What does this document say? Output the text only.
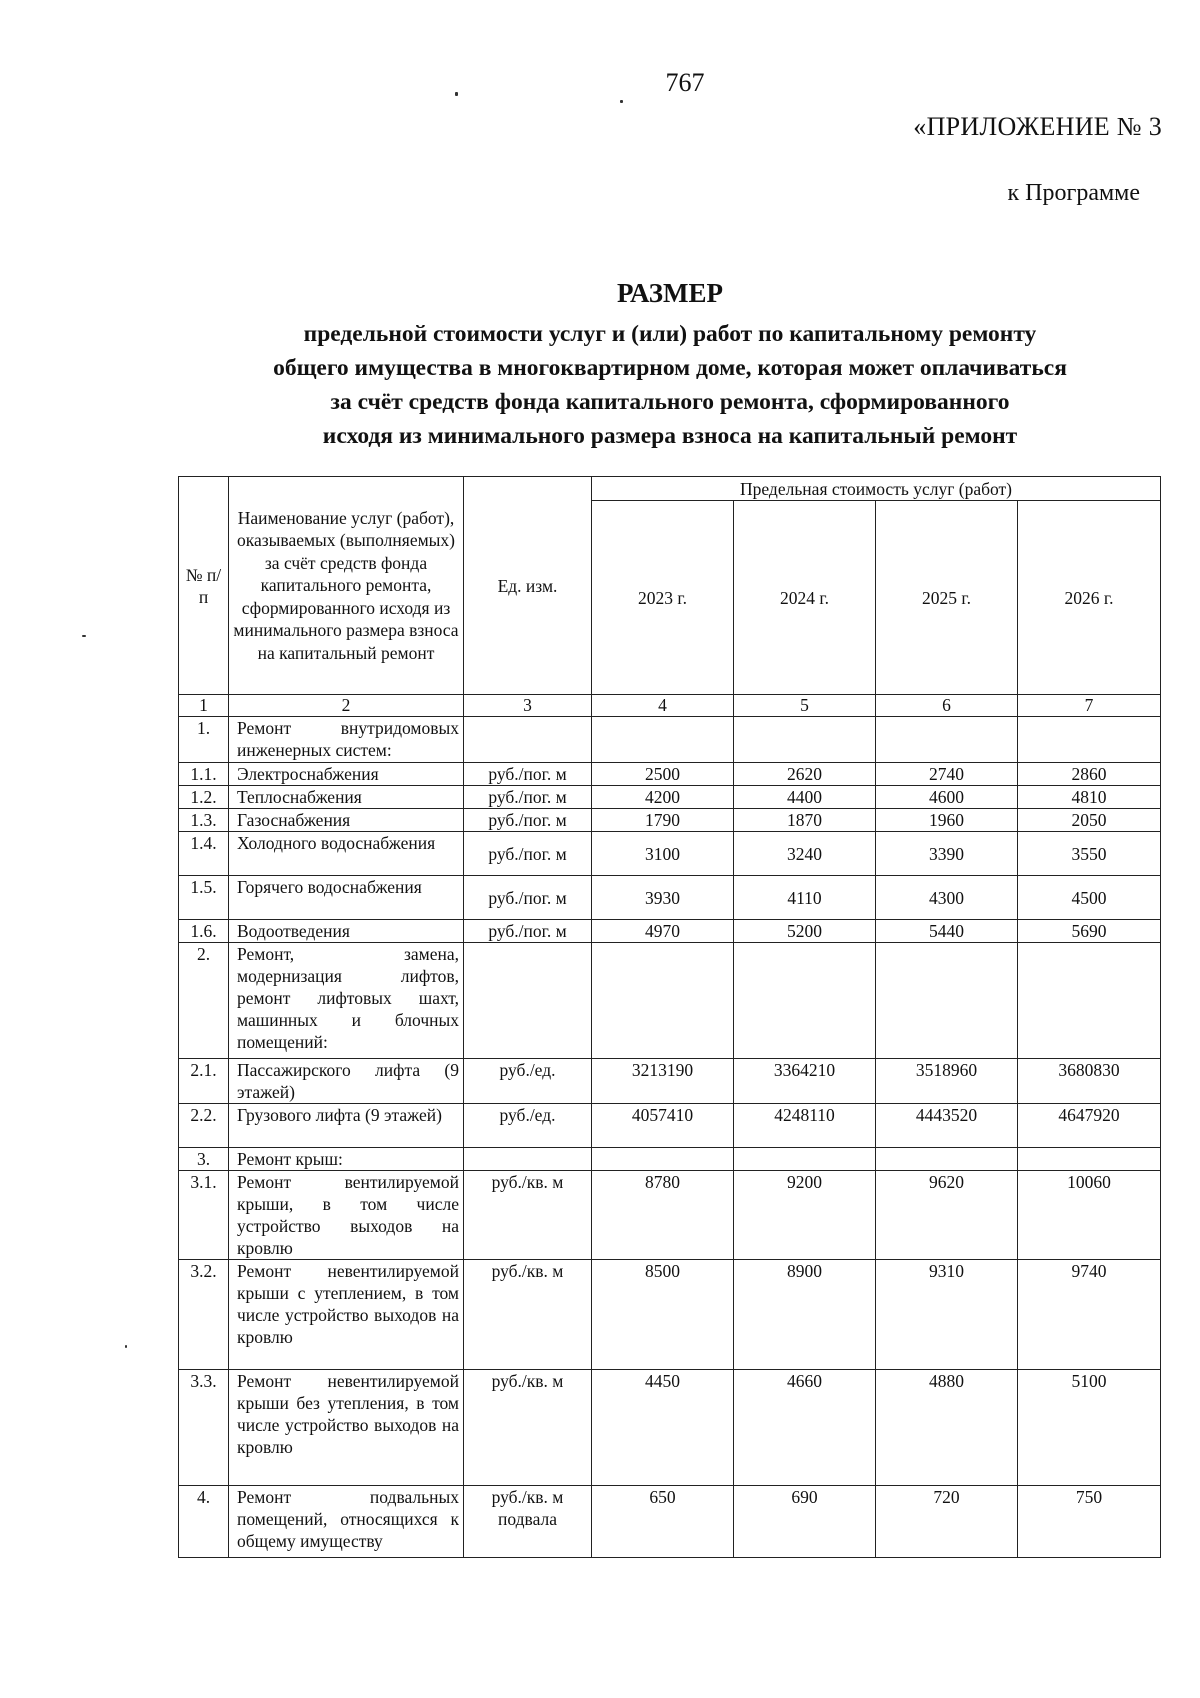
767
«ПРИЛОЖЕНИЕ № 3
к Программе
РАЗМЕР
предельной стоимости услуг и (или) работ по капитальному ремонту
общего имущества в многоквартирном доме, которая может оплачиваться
за счёт средств фонда капитального ремонта, сформированного
исходя из минимального размера взноса на капитальный ремонт
№ п/п	Наименование услуг (работ), оказываемых (выполняемых) за счёт средств фонда капитального ремонта, сформированного исходя из минимального размера взноса на капитальный ремонт	Ед. изм.	Предельная стоимость услуг (работ)			
			2023 г.	2024 г.	2025 г.	2026 г.
1	2	3	4	5	6	7
1.	Ремонт внутридомовых инженерных систем:					
1.1.	Электроснабжения	руб./пог. м	2500	2620	2740	2860
1.2.	Теплоснабжения	руб./пог. м	4200	4400	4600	4810
1.3.	Газоснабжения	руб./пог. м	1790	1870	1960	2050
1.4.	Холодного водоснабжения	руб./пог. м	3100	3240	3390	3550
1.5.	Горячего водоснабжения	руб./пог. м	3930	4110	4300	4500
1.6.	Водоотведения	руб./пог. м	4970	5200	5440	5690
2.	Ремонт, замена, модернизация лифтов, ремонт лифтовых шахт, машинных и блочных помещений:					
2.1.	Пассажирского лифта (9 этажей)	руб./ед.	3213190	3364210	3518960	3680830
2.2.	Грузового лифта (9 этажей)	руб./ед.	4057410	4248110	4443520	4647920
3.	Ремонт крыш:					
3.1.	Ремонт вентилируемой крыши, в том числе устройство выходов на кровлю	руб./кв. м	8780	9200	9620	10060
3.2.	Ремонт невентилируемой крыши с утеплением, в том числе устройство выходов на кровлю	руб./кв. м	8500	8900	9310	9740
3.3.	Ремонт невентилируемой крыши без утепления, в том числе устройство выходов на кровлю	руб./кв. м	4450	4660	4880	5100
4.	Ремонт подвальных помещений, относящихся к общему имуществу	руб./кв. м подвала	650	690	720	750
